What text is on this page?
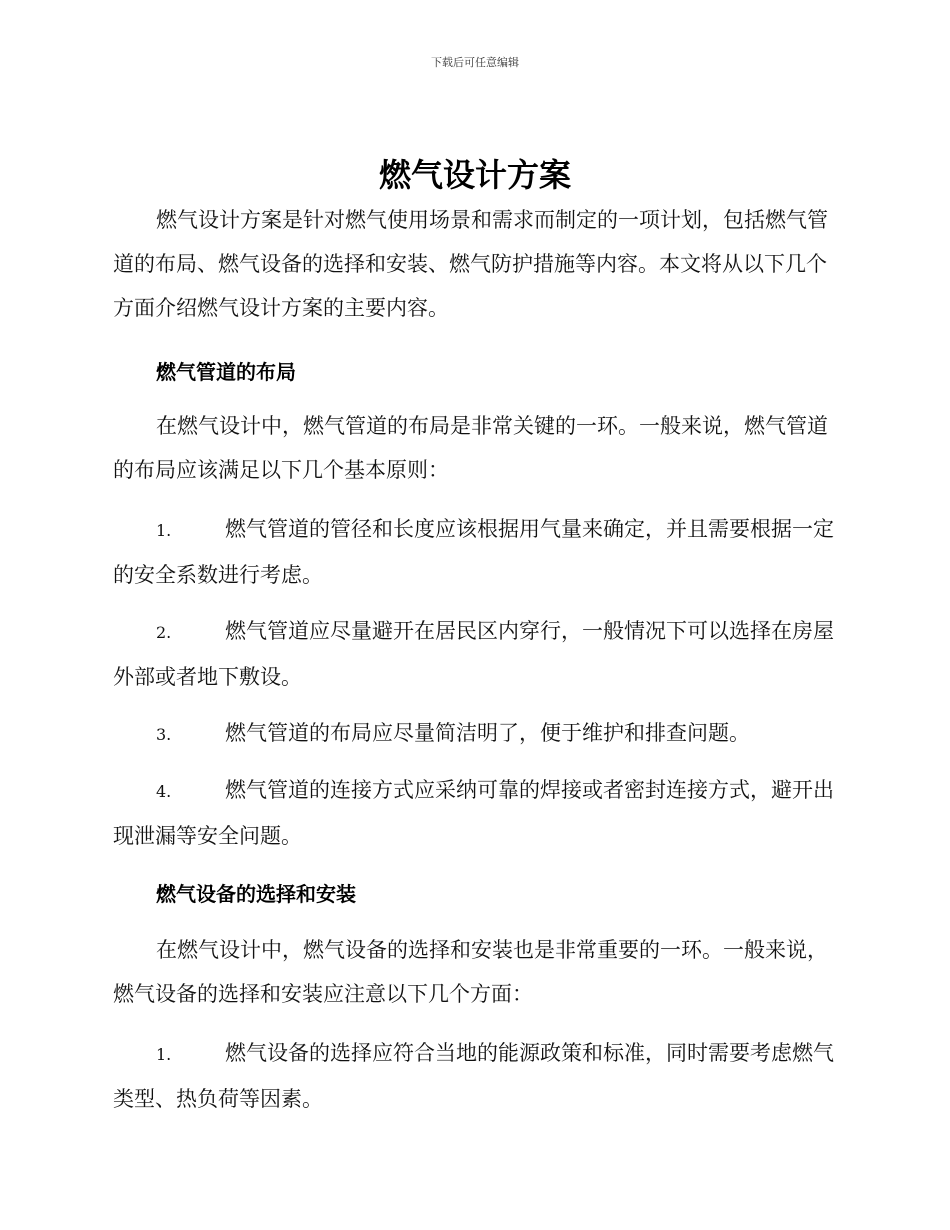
下载后可任意编辑
燃气设计方案

燃气设计方案是针对燃气使用场景和需求而制定的一项计划，包括燃气管道的布局、燃气设备的选择和安装、燃气防护措施等内容。本文将从以下几个方面介绍燃气设计方案的主要内容。

燃气管道的布局

在燃气设计中，燃气管道的布局是非常关键的一环。一般来说，燃气管道的布局应该满足以下几个基本原则：

1.	燃气管道的管径和长度应该根据用气量来确定，并且需要根据一定的安全系数进行考虑。

2.	燃气管道应尽量避开在居民区内穿行，一般情况下可以选择在房屋外部或者地下敷设。

3.	燃气管道的布局应尽量简洁明了，便于维护和排查问题。

4.	燃气管道的连接方式应采纳可靠的焊接或者密封连接方式，避开出现泄漏等安全问题。

燃气设备的选择和安装

在燃气设计中，燃气设备的选择和安装也是非常重要的一环。一般来说，燃气设备的选择和安装应注意以下几个方面：

1.	燃气设备的选择应符合当地的能源政策和标准，同时需要考虑燃气类型、热负荷等因素。
